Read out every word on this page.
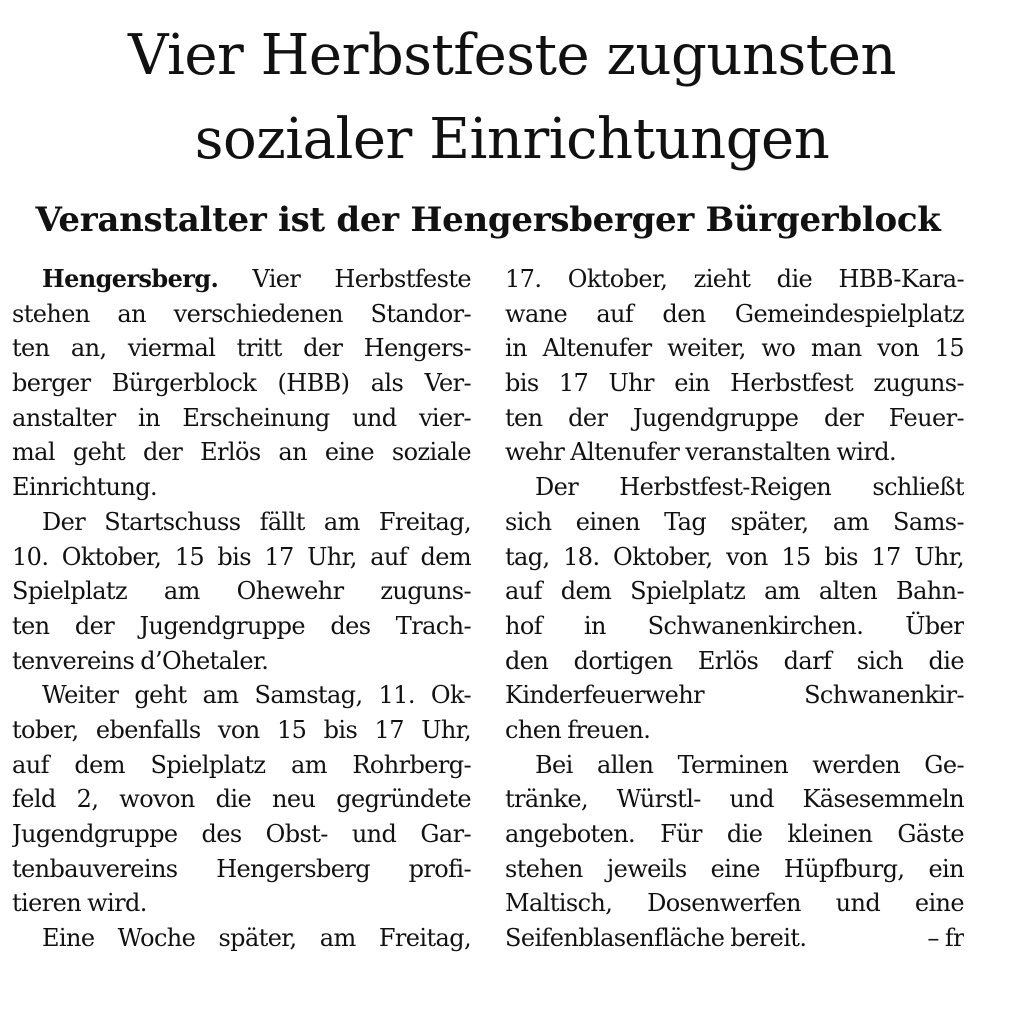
Vier Herbstfeste zugunsten
sozialer Einrichtungen
Veranstalter ist der Hengersberger Bürgerblock
Hengersberg. Vier Herbstfeste
stehen an verschiedenen Standor-
ten an, viermal tritt der Hengers-
berger Bürgerblock (HBB) als Ver-
anstalter in Erscheinung und vier-
mal geht der Erlös an eine soziale
Einrichtung.
Der Startschuss fällt am Freitag,
10. Oktober, 15 bis 17 Uhr, auf dem
Spielplatz am Ohewehr zuguns-
ten der Jugendgruppe des Trach-
tenvereins d’Ohetaler.
Weiter geht am Samstag, 11. Ok-
tober, ebenfalls von 15 bis 17 Uhr,
auf dem Spielplatz am Rohrberg-
feld 2, wovon die neu gegründete
Jugendgruppe des Obst- und Gar-
tenbauvereins Hengersberg profi-
tieren wird.
Eine Woche später, am Freitag,
17. Oktober, zieht die HBB-Kara-
wane auf den Gemeindespielplatz
in Altenufer weiter, wo man von 15
bis 17 Uhr ein Herbstfest zuguns-
ten der Jugendgruppe der Feuer-
wehr Altenufer veranstalten wird.
Der Herbstfest-Reigen schließt
sich einen Tag später, am Sams-
tag, 18. Oktober, von 15 bis 17 Uhr,
auf dem Spielplatz am alten Bahn-
hof in Schwanenkirchen. Über
den dortigen Erlös darf sich die
Kinderfeuerwehr Schwanenkir-
chen freuen.
Bei allen Terminen werden Ge-
tränke, Würstl- und Käsesemmeln
angeboten. Für die kleinen Gäste
stehen jeweils eine Hüpfburg, ein
Maltisch, Dosenwerfen und eine
Seifenblasenfläche bereit.	– fr
